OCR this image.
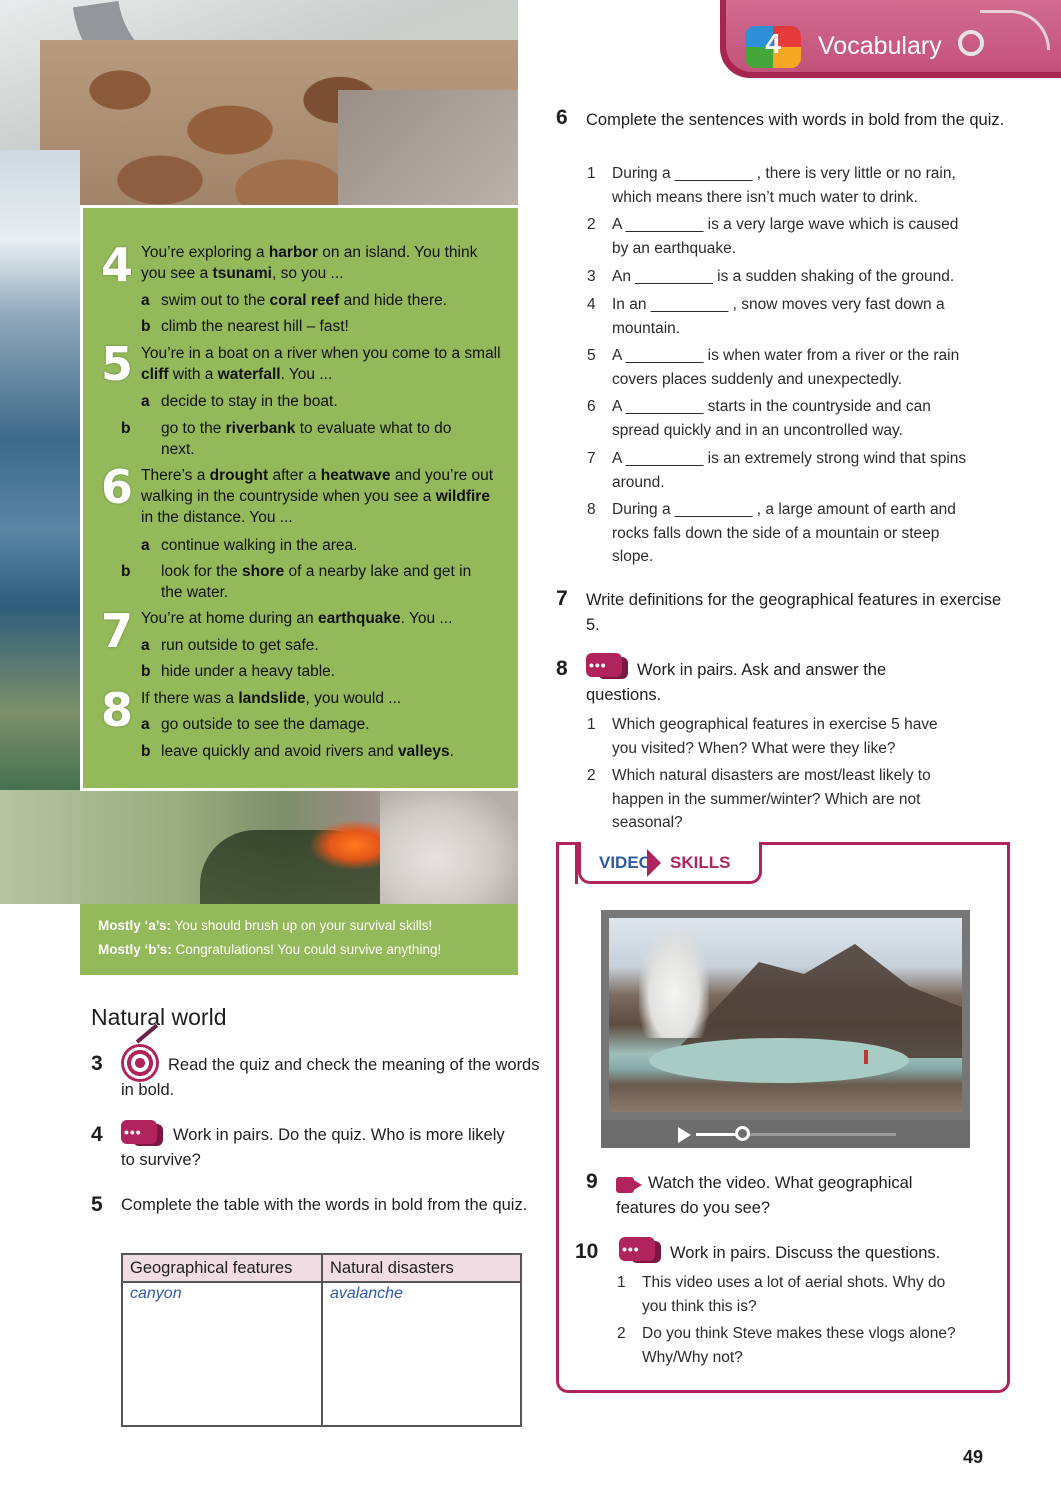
4 You’re exploring a harbor on an island. You think you see a tsunami, so you ...
a swim out to the coral reef and hide there.
b climb the nearest hill – fast!
5 You’re in a boat on a river when you come to a small cliff with a waterfall. You ...
a decide to stay in the boat.
b go to the riverbank to evaluate what to do next.
6 There’s a drought after a heatwave and you’re out walking in the countryside when you see a wildfire in the distance. You ...
a continue walking in the area.
b look for the shore of a nearby lake and get in the water.
7 You’re at home during an earthquake. You ...
a run outside to get safe.
b hide under a heavy table.
8 If there was a landslide, you would ...
a go outside to see the damage.
b leave quickly and avoid rivers and valleys.
Mostly ‘a’s: You should brush up on your survival skills!
Mostly ‘b’s: Congratulations! You could survive anything!
Natural world
3	Read the quiz and check the meaning of the words in bold.
4 •••	Work in pairs. Do the quiz. Who is more likely to survive?
5 Complete the table with the words in bold from the quiz.
Geographical features	Natural disasters
canyon	avalanche
4	Vocabulary
6 Complete the sentences with words in bold from the quiz.
1	During a _________ , there is very little or no rain,
which means there isn’t much water to drink.
2	A _________ is a very large wave which is caused
by an earthquake.
3	An _________ is a sudden shaking of the ground.
4	In an _________ , snow moves very fast down a
mountain.
5	A _________ is when water from a river or the rain
covers places suddenly and unexpectedly.
6	A _________ starts in the countryside and can
spread quickly and in an uncontrolled way.
7	A _________ is an extremely strong wind that spins
around.
8	During a _________ , a large amount of earth and
rocks falls down the side of a mountain or steep
slope.
7 Write definitions for the geographical features in exercise 5.
8 ••• Work in pairs. Ask and answer the
questions.
1	Which geographical features in exercise 5 have
you visited? When? What were they like?
2	Which natural disasters are most/least likely to
happen in the summer/winter? Which are not
seasonal?
VIDEO SKILLS
9	Watch the video. What geographical
features do you see?
10 ••• Work in pairs. Discuss the questions.
1	This video uses a lot of aerial shots. Why do
you think this is?
2	Do you think Steve makes these vlogs alone?
Why/Why not?
49
